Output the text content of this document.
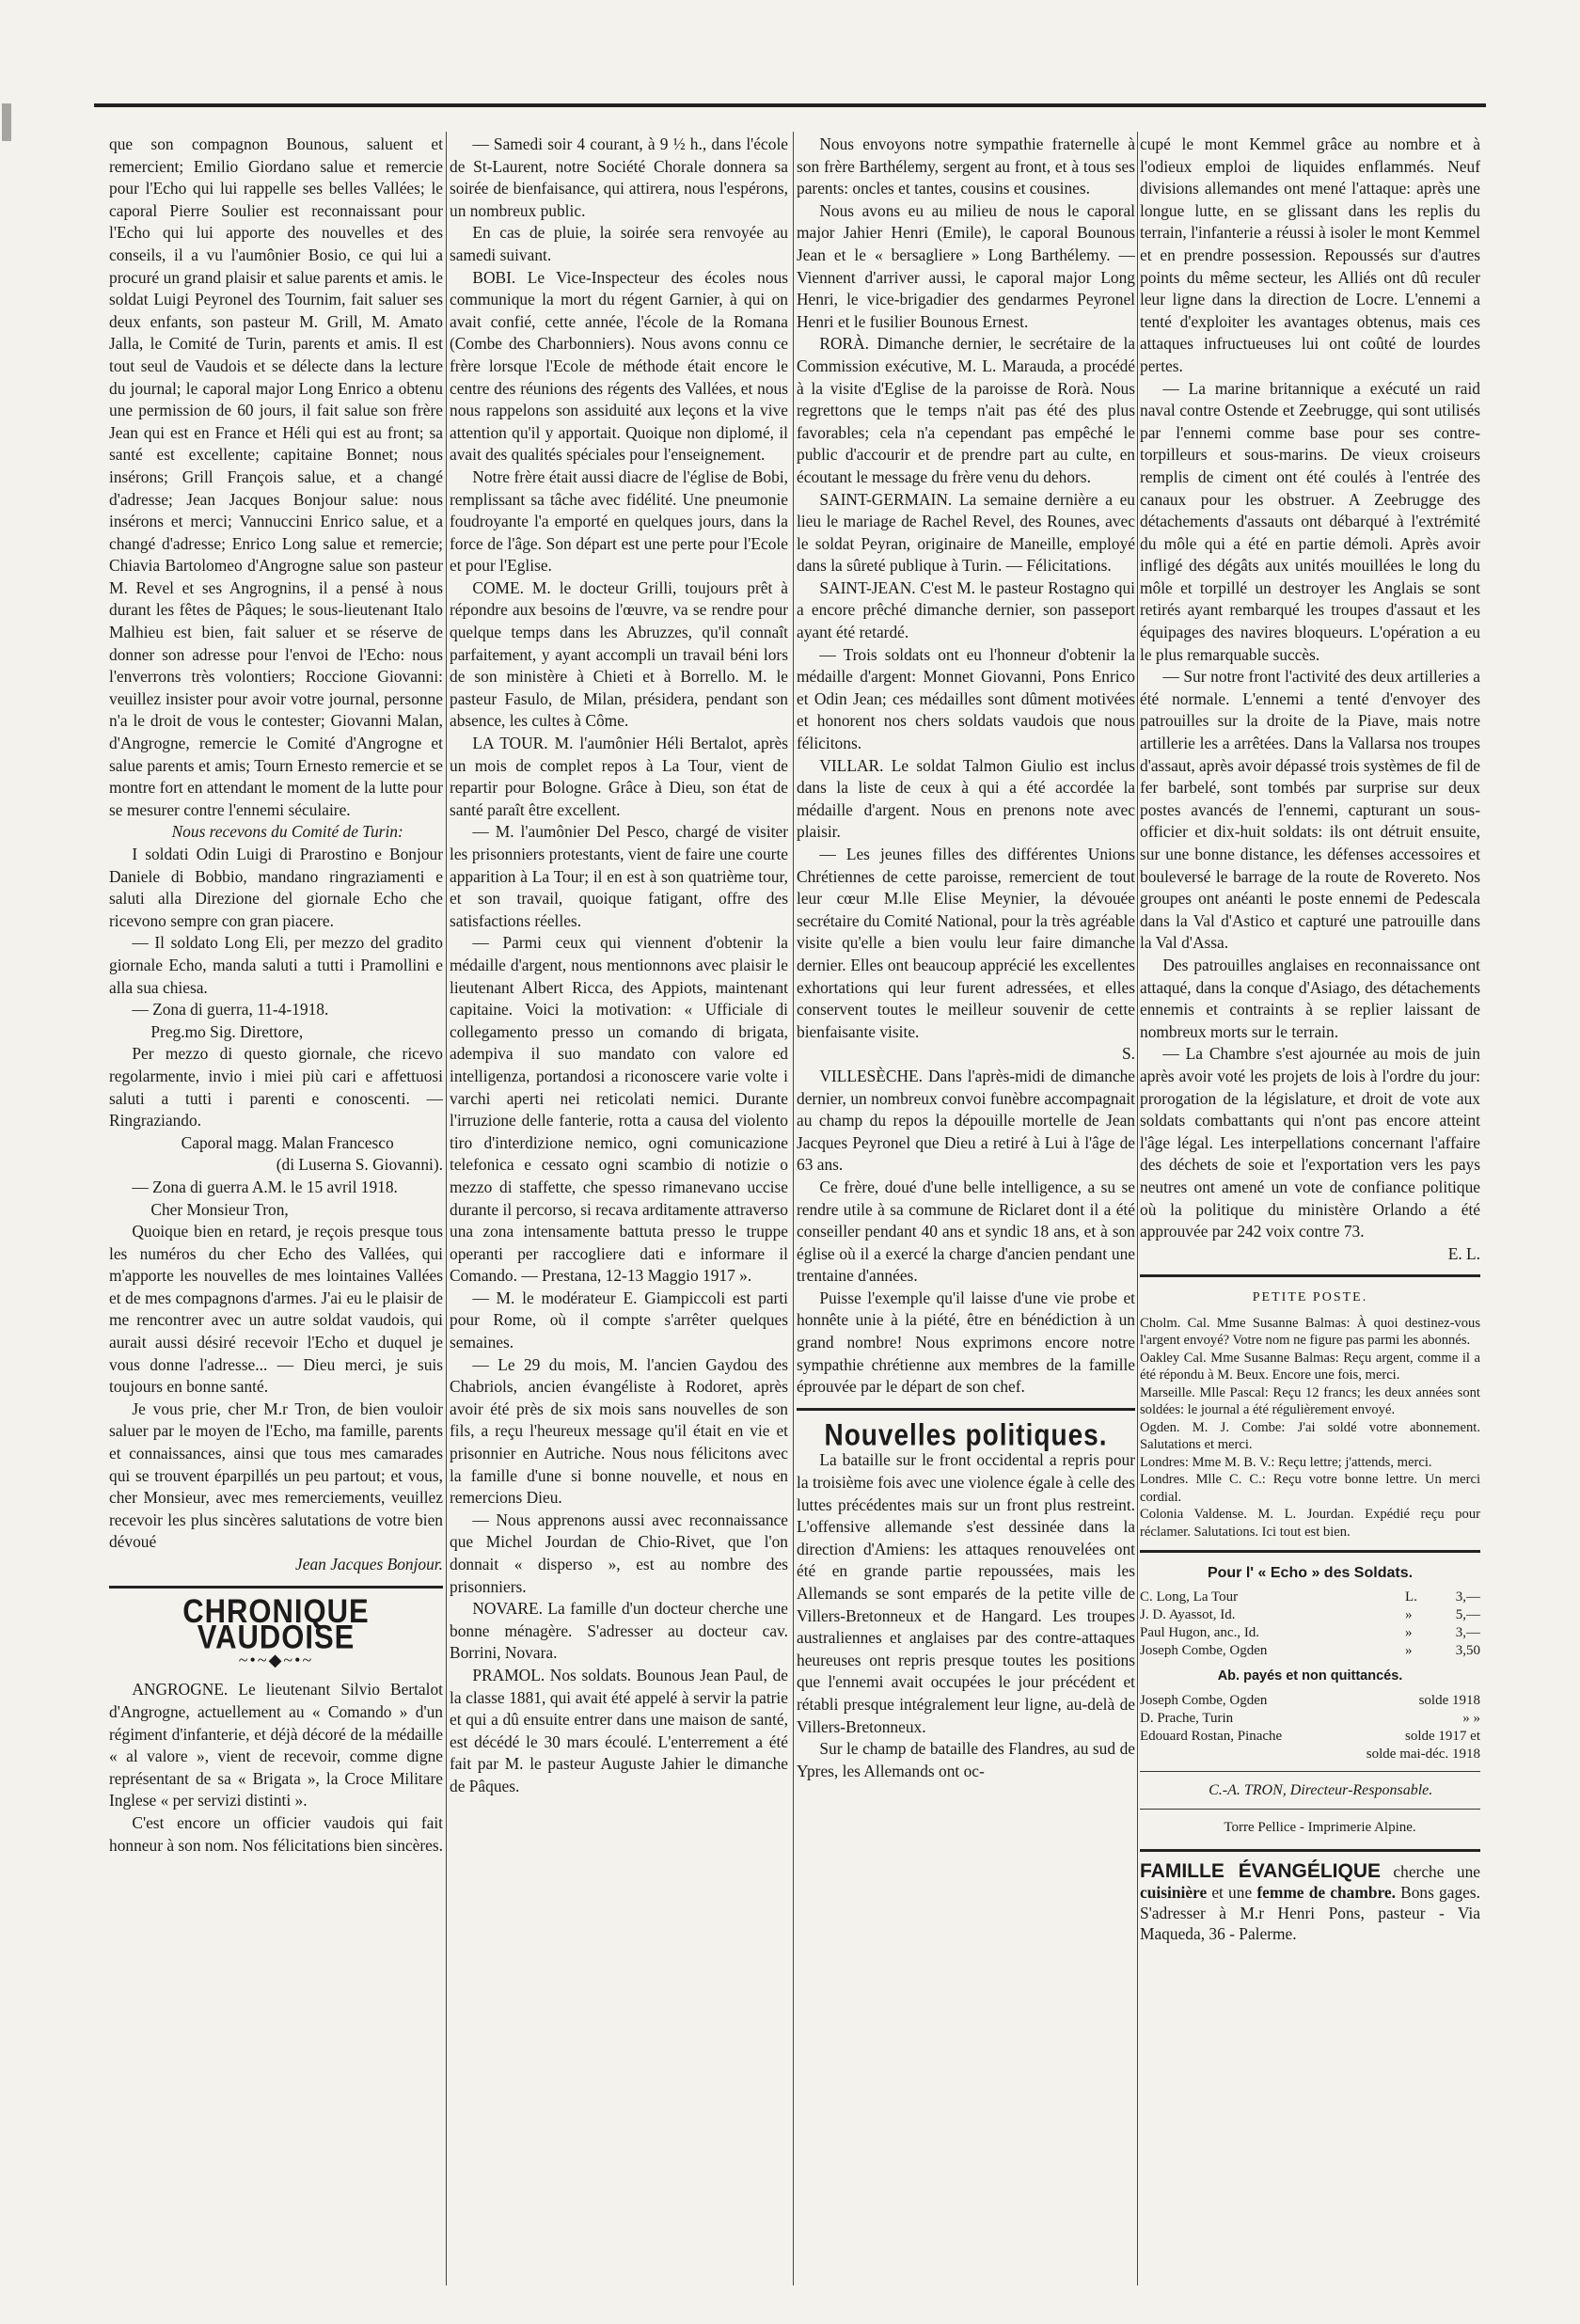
que son compagnon Bounous, saluent et remercient; Emilio Giordano salue et remercie pour l'Echo qui lui rappelle ses belles Vallées; le caporal Pierre Soulier est reconnaissant pour l'Echo qui lui apporte des nouvelles et des conseils, il a vu l'aumônier Bosio, ce qui lui a procuré un grand plaisir et salue parents et amis. le soldat Luigi Peyronel des Tournim, fait saluer ses deux enfants, son pasteur M. Grill, M. Amato Jalla, le Comité de Turin, parents et amis. Il est tout seul de Vaudois et se délecte dans la lecture du journal; le caporal major Long Enrico a obtenu une permission de 60 jours, il fait salue son frère Jean qui est en France et Héli qui est au front; sa santé est excellente; capitaine Bonnet; nous insérons; Grill François salue, et a changé d'adresse; Jean Jacques Bonjour salue: nous insérons et merci; Vannuccini Enrico salue, et a changé d'adresse; Enrico Long salue et remercie; Chiavia Bartolomeo d'Angrogne salue son pasteur M. Revel et ses Angrognins, il a pensé à nous durant les fêtes de Pâques; le sous-lieutenant Italo Malhieu est bien, fait saluer et se réserve de donner son adresse pour l'envoi de l'Echo: nous l'enverrons très volontiers; Roccione Giovanni: veuillez insister pour avoir votre journal, personne n'a le droit de vous le contester; Giovanni Malan, d'Angrogne, remercie le Comité d'Angrogne et salue parents et amis; Tourn Ernesto remercie et se montre fort en attendant le moment de la lutte pour se mesurer contre l'ennemi séculaire.

Nous recevons du Comité de Turin:

I soldati Odin Luigi di Prarostino e Bonjour Daniele di Bobbio, mandano ringraziamenti e saluti alla Direzione del giornale Echo che ricevono sempre con gran piacere.

— Il soldato Long Eli, per mezzo del gradito giornale Echo, manda saluti a tutti i Pramollini e alla sua chiesa.

— Zona di guerra, 11-4-1918.

Preg.mo Sig. Direttore,

Per mezzo di questo giornale, che ricevo regolarmente, invio i miei più cari e affettuosi saluti a tutti i parenti e conoscenti. — Ringraziando.

Caporal magg. Malan Francesco

(di Luserna S. Giovanni).

— Zona di guerra A.M. le 15 avril 1918.

Cher Monsieur Tron,

Quoique bien en retard, je reçois presque tous les numéros du cher Echo des Vallées, qui m'apporte les nouvelles de mes lointaines Vallées et de mes compagnons d'armes. J'ai eu le plaisir de me rencontrer avec un autre soldat vaudois, qui aurait aussi désiré recevoir l'Echo et duquel je vous donne l'adresse... — Dieu merci, je suis toujours en bonne santé.

Je vous prie, cher M.r Tron, de bien vouloir saluer par le moyen de l'Echo, ma famille, parents et connaissances, ainsi que tous mes camarades qui se trouvent éparpillés un peu partout; et vous, cher Monsieur, avec mes remerciements, veuillez recevoir les plus sincères salutations de votre bien dévoué

Jean Jacques Bonjour.

CHRONIQUE VAUDOISE
~•~◆~•~

ANGROGNE. Le lieutenant Silvio Bertalot d'Angrogne, actuellement au « Comando » d'un régiment d'infanterie, et déjà décoré de la médaille « al valore », vient de recevoir, comme digne représentant de sa « Brigata », la Croce Militare Inglese « per servizi distinti ».

C'est encore un officier vaudois qui fait honneur à son nom. Nos félicitations bien sincères.

— Samedi soir 4 courant, à 9 ½ h., dans l'école de St-Laurent, notre Société Chorale donnera sa soirée de bienfaisance, qui attirera, nous l'espérons, un nombreux public.

En cas de pluie, la soirée sera renvoyée au samedi suivant.

BOBI. Le Vice-Inspecteur des écoles nous communique la mort du régent Garnier, à qui on avait confié, cette année, l'école de la Romana (Combe des Charbonniers). Nous avons connu ce frère lorsque l'Ecole de méthode était encore le centre des réunions des régents des Vallées, et nous nous rappelons son assiduité aux leçons et la vive attention qu'il y apportait. Quoique non diplomé, il avait des qualités spéciales pour l'enseignement.

Notre frère était aussi diacre de l'église de Bobi, remplissant sa tâche avec fidélité. Une pneumonie foudroyante l'a emporté en quelques jours, dans la force de l'âge. Son départ est une perte pour l'Ecole et pour l'Eglise.

COME. M. le docteur Grilli, toujours prêt à répondre aux besoins de l'œuvre, va se rendre pour quelque temps dans les Abruzzes, qu'il connaît parfaitement, y ayant accompli un travail béni lors de son ministère à Chieti et à Borrello. M. le pasteur Fasulo, de Milan, présidera, pendant son absence, les cultes à Côme.

LA TOUR. M. l'aumônier Héli Bertalot, après un mois de complet repos à La Tour, vient de repartir pour Bologne. Grâce à Dieu, son état de santé paraît être excellent.

— M. l'aumônier Del Pesco, chargé de visiter les prisonniers protestants, vient de faire une courte apparition à La Tour; il en est à son quatrième tour, et son travail, quoique fatigant, offre des satisfactions réelles.

— Parmi ceux qui viennent d'obtenir la médaille d'argent, nous mentionnons avec plaisir le lieutenant Albert Ricca, des Appiots, maintenant capitaine. Voici la motivation: « Ufficiale di collegamento presso un comando di brigata, adempiva il suo mandato con valore ed intelligenza, portandosi a riconoscere varie volte i varchi aperti nei reticolati nemici. Durante l'irruzione delle fanterie, rotta a causa del violento tiro d'interdizione nemico, ogni comunicazione telefonica e cessato ogni scambio di notizie o mezzo di staffette, che spesso rimanevano uccise durante il percorso, si recava arditamente attraverso una zona intensamente battuta presso le truppe operanti per raccogliere dati e informare il Comando. — Prestana, 12-13 Maggio 1917 ».

— M. le modérateur E. Giampiccoli est parti pour Rome, où il compte s'arrêter quelques semaines.

— Le 29 du mois, M. l'ancien Gaydou des Chabriols, ancien évangéliste à Rodoret, après avoir été près de six mois sans nouvelles de son fils, a reçu l'heureux message qu'il était en vie et prisonnier en Autriche. Nous nous félicitons avec la famille d'une si bonne nouvelle, et nous en remercions Dieu.

— Nous apprenons aussi avec reconnaissance que Michel Jourdan de Chio-Rivet, que l'on donnait « disperso », est au nombre des prisonniers.

NOVARE. La famille d'un docteur cherche une bonne ménagère. S'adresser au docteur cav. Borrini, Novara.

PRAMOL. Nos soldats. Bounous Jean Paul, de la classe 1881, qui avait été appelé à servir la patrie et qui a dû ensuite entrer dans une maison de santé, est décédé le 30 mars écoulé. L'enterrement a été fait par M. le pasteur Auguste Jahier le dimanche de Pâques.

Nous envoyons notre sympathie fraternelle à son frère Barthélemy, sergent au front, et à tous ses parents: oncles et tantes, cousins et cousines.

Nous avons eu au milieu de nous le caporal major Jahier Henri (Emile), le caporal Bounous Jean et le « bersagliere » Long Barthélemy. — Viennent d'arriver aussi, le caporal major Long Henri, le vice-brigadier des gendarmes Peyronel Henri et le fusilier Bounous Ernest.

RORÀ. Dimanche dernier, le secrétaire de la Commission exécutive, M. L. Marauda, a procédé à la visite d'Eglise de la paroisse de Rorà. Nous regrettons que le temps n'ait pas été des plus favorables; cela n'a cependant pas empêché le public d'accourir et de prendre part au culte, en écoutant le message du frère venu du dehors.

SAINT-GERMAIN. La semaine dernière a eu lieu le mariage de Rachel Revel, des Rounes, avec le soldat Peyran, originaire de Maneille, employé dans la sûreté publique à Turin. — Félicitations.

SAINT-JEAN. C'est M. le pasteur Rostagno qui a encore prêché dimanche dernier, son passeport ayant été retardé.

— Trois soldats ont eu l'honneur d'obtenir la médaille d'argent: Monnet Giovanni, Pons Enrico et Odin Jean; ces médailles sont dûment motivées et honorent nos chers soldats vaudois que nous félicitons.

VILLAR. Le soldat Talmon Giulio est inclus dans la liste de ceux à qui a été accordée la médaille d'argent. Nous en prenons note avec plaisir.

— Les jeunes filles des différentes Unions Chrétiennes de cette paroisse, remercient de tout leur cœur M.lle Elise Meynier, la dévouée secrétaire du Comité National, pour la très agréable visite qu'elle a bien voulu leur faire dimanche dernier. Elles ont beaucoup apprécié les excellentes exhortations qui leur furent adressées, et elles conservent toutes le meilleur souvenir de cette bienfaisante visite.

S.

VILLESÈCHE. Dans l'après-midi de dimanche dernier, un nombreux convoi funèbre accompagnait au champ du repos la dépouille mortelle de Jean Jacques Peyronel que Dieu a retiré à Lui à l'âge de 63 ans.

Ce frère, doué d'une belle intelligence, a su se rendre utile à sa commune de Riclaret dont il a été conseiller pendant 40 ans et syndic 18 ans, et à son église où il a exercé la charge d'ancien pendant une trentaine d'années.

Puisse l'exemple qu'il laisse d'une vie probe et honnête unie à la piété, être en bénédiction à un grand nombre! Nous exprimons encore notre sympathie chrétienne aux membres de la famille éprouvée par le départ de son chef.

Nouvelles politiques.

La bataille sur le front occidental a repris pour la troisième fois avec une violence égale à celle des luttes précédentes mais sur un front plus restreint. L'offensive allemande s'est dessinée dans la direction d'Amiens: les attaques renouvelées ont été en grande partie repoussées, mais les Allemands se sont emparés de la petite ville de Villers-Bretonneux et de Hangard. Les troupes australiennes et anglaises par des contre-attaques heureuses ont repris presque toutes les positions que l'ennemi avait occupées le jour précédent et rétabli presque intégralement leur ligne, au-delà de Villers-Bretonneux.

Sur le champ de bataille des Flandres, au sud de Ypres, les Allemands ont oc-

cupé le mont Kemmel grâce au nombre et à l'odieux emploi de liquides enflammés. Neuf divisions allemandes ont mené l'attaque: après une longue lutte, en se glissant dans les replis du terrain, l'infanterie a réussi à isoler le mont Kemmel et en prendre possession. Repoussés sur d'autres points du même secteur, les Alliés ont dû reculer leur ligne dans la direction de Locre. L'ennemi a tenté d'exploiter les avantages obtenus, mais ces attaques infructueuses lui ont coûté de lourdes pertes.

— La marine britannique a exécuté un raid naval contre Ostende et Zeebrugge, qui sont utilisés par l'ennemi comme base pour ses contre-torpilleurs et sous-marins. De vieux croiseurs remplis de ciment ont été coulés à l'entrée des canaux pour les obstruer. A Zeebrugge des détachements d'assauts ont débarqué à l'extrémité du môle qui a été en partie démoli. Après avoir infligé des dégâts aux unités mouillées le long du môle et torpillé un destroyer les Anglais se sont retirés ayant rembarqué les troupes d'assaut et les équipages des navires bloqueurs. L'opération a eu le plus remarquable succès.

— Sur notre front l'activité des deux artilleries a été normale. L'ennemi a tenté d'envoyer des patrouilles sur la droite de la Piave, mais notre artillerie les a arrêtées. Dans la Vallarsa nos troupes d'assaut, après avoir dépassé trois systèmes de fil de fer barbelé, sont tombés par surprise sur deux postes avancés de l'ennemi, capturant un sous-officier et dix-huit soldats: ils ont détruit ensuite, sur une bonne distance, les défenses accessoires et bouleversé le barrage de la route de Rovereto. Nos groupes ont anéanti le poste ennemi de Pedescala dans la Val d'Astico et capturé une patrouille dans la Val d'Assa.

Des patrouilles anglaises en reconnaissance ont attaqué, dans la conque d'Asiago, des détachements ennemis et contraints à se replier laissant de nombreux morts sur le terrain.

— La Chambre s'est ajournée au mois de juin après avoir voté les projets de lois à l'ordre du jour: prorogation de la législature, et droit de vote aux soldats combattants qui n'ont pas encore atteint l'âge légal. Les interpellations concernant l'affaire des déchets de soie et l'exportation vers les pays neutres ont amené un vote de confiance politique où la politique du ministère Orlando a été approuvée par 242 voix contre 73.

E. L.

PETITE POSTE.

Cholm. Cal. Mme Susanne Balmas: À quoi destinez-vous l'argent envoyé? Votre nom ne figure pas parmi les abonnés.

Oakley Cal. Mme Susanne Balmas: Reçu argent, comme il a été répondu à M. Beux. Encore une fois, merci.

Marseille. Mlle Pascal: Reçu 12 francs; les deux années sont soldées: le journal a été régulièrement envoyé.

Ogden. M. J. Combe: J'ai soldé votre abonnement. Salutations et merci.

Londres: Mme M. B. V.: Reçu lettre; j'attends, merci.

Londres. Mlle C. C.: Reçu votre bonne lettre. Un merci cordial.

Colonia Valdense. M. L. Jourdan. Expédié reçu pour réclamer. Salutations. Ici tout est bien.

Pour l' « Echo » des Soldats.
C. Long, La Tour	L.	3,—
J. D. Ayassot, Id.	»	5,—
Paul Hugon, anc., Id.	»	3,—
Joseph Combe, Ogden	»	3,50
Ab. payés et non quittancés.
Joseph Combe, Ogden	solde 1918
D. Prache, Turin	» »
Edouard Rostan, Pinache	solde 1917 et
	solde mai-déc. 1918

C.-A. TRON, Directeur-Responsable.

Torre Pellice - Imprimerie Alpine.

FAMILLE ÉVANGÉLIQUE cherche une cuisinière et une femme de chambre. Bons gages. S'adresser à M.r Henri Pons, pasteur - Via Maqueda, 36 - Palerme.
